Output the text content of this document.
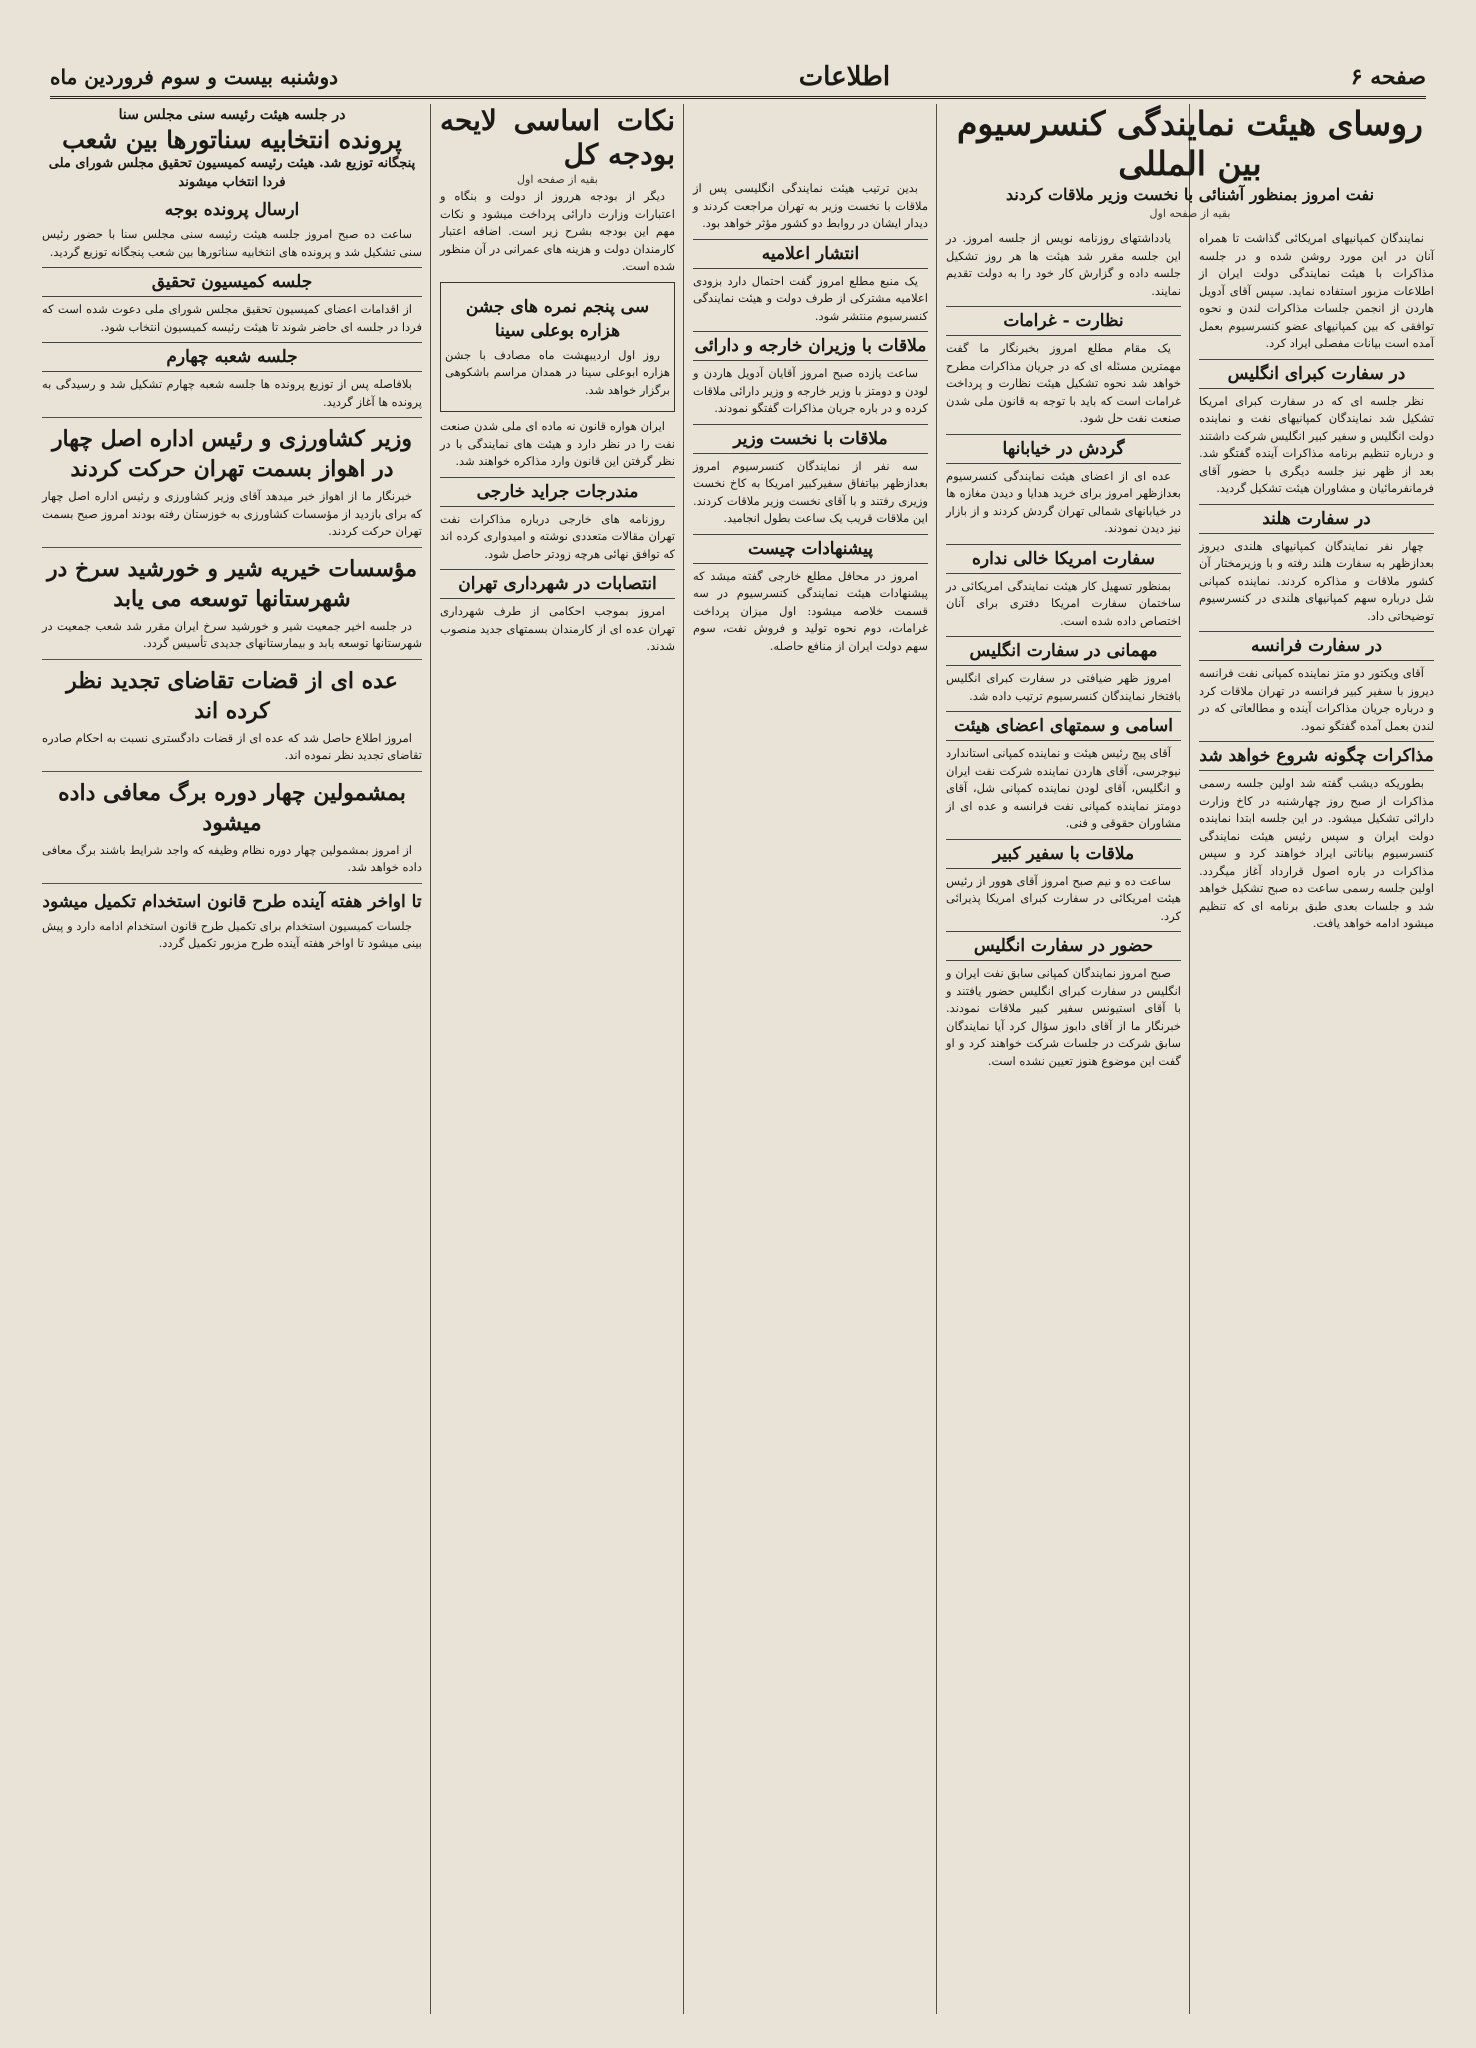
صفحه ۶
اطلاعات
دوشنبه بیست و سوم فروردین ماه
روسای هیئت نمایندگی کنسرسیوم بین المللی
نفت امروز بمنظور آشنائی با نخست وزیر ملاقات کردند

بقیه از صفحه اول

نمایندگان کمپانیهای امریکائی گذاشت تا همراه آنان در این مورد روشن شده و در جلسه مذاکرات با هیئت نمایندگی دولت ایران از اطلاعات مزبور استفاده نماید. سپس آقای آدویل هاردن از انجمن جلسات مذاکرات لندن و نحوه توافقی که بین کمپانیهای عضو کنسرسیوم بعمل آمده است بیانات مفصلی ایراد کرد.

در سفارت کبرای انگلیس

نظر جلسه ای که در سفارت کبرای امریکا تشکیل شد نمایندگان کمپانیهای نفت و نماینده دولت انگلیس و سفیر کبیر انگلیس شرکت داشتند و درباره تنظیم برنامه مذاکرات آینده گفتگو شد. بعد از ظهر نیز جلسه دیگری با حضور آقای فرمانفرمائیان و مشاوران هیئت تشکیل گردید.

در سفارت هلند

چهار نفر نمایندگان کمپانیهای هلندی دیروز بعدازظهر به سفارت هلند رفته و با وزیرمختار آن کشور ملاقات و مذاکره کردند. نماینده کمپانی شل درباره سهم کمپانیهای هلندی در کنسرسیوم توضیحاتی داد.

در سفارت فرانسه

آقای ویکتور دو متز نماینده کمپانی نفت فرانسه دیروز با سفیر کبیر فرانسه در تهران ملاقات کرد و درباره جریان مذاکرات آینده و مطالعاتی که در لندن بعمل آمده گفتگو نمود.

مذاکرات چگونه شروع خواهد شد

بطوریکه دیشب گفته شد اولین جلسه رسمی مذاکرات از صبح روز چهارشنبه در کاخ وزارت دارائی تشکیل میشود. در این جلسه ابتدا نماینده دولت ایران و سپس رئیس هیئت نمایندگی کنسرسیوم بیاناتی ایراد خواهند کرد و سپس مذاکرات در باره اصول قرارداد آغاز میگردد. اولین جلسه رسمی ساعت ده صبح تشکیل خواهد شد و جلسات بعدی طبق برنامه ای که تنظیم میشود ادامه خواهد یافت.

یادداشتهای روزنامه نویس از جلسه امروز. در این جلسه مقرر شد هیئت ها هر روز تشکیل جلسه داده و گزارش کار خود را به دولت تقدیم نمایند.

نظارت - غرامات

یک مقام مطلع امروز بخبرنگار ما گفت مهمترین مسئله ای که در جریان مذاکرات مطرح خواهد شد نحوه تشکیل هیئت نظارت و پرداخت غرامات است که باید با توجه به قانون ملی شدن صنعت نفت حل شود.

گردش در خیابانها

عده ای از اعضای هیئت نمایندگی کنسرسیوم بعدازظهر امروز برای خرید هدایا و دیدن مغازه ها در خیابانهای شمالی تهران گردش کردند و از بازار نیز دیدن نمودند.

سفارت امریکا خالی نداره

بمنظور تسهیل کار هیئت نمایندگی امریکائی در ساختمان سفارت امریکا دفتری برای آنان اختصاص داده شده است.

مهمانی در سفارت انگلیس

امروز ظهر ضیافتی در سفارت کبرای انگلیس بافتخار نمایندگان کنسرسیوم ترتیب داده شد.

اسامی و سمتهای اعضای هیئت

آقای پیج رئیس هیئت و نماینده کمپانی استاندارد نیوجرسی، آقای هاردن نماینده شرکت نفت ایران و انگلیس، آقای لودن نماینده کمپانی شل، آقای دومتز نماینده کمپانی نفت فرانسه و عده ای از مشاوران حقوقی و فنی.

ملاقات با سفیر کبیر

ساعت ده و نیم صبح امروز آقای هوور از رئیس هیئت امریکائی در سفارت کبرای امریکا پذیرائی کرد.

حضور در سفارت انگلیس

صبح امروز نمایندگان کمپانی سابق نفت ایران و انگلیس در سفارت کبرای انگلیس حضور یافتند و با آقای استیونس سفیر کبیر ملاقات نمودند. خبرنگار ما از آقای دابوز سؤال کرد آیا نمایندگان سابق شرکت در جلسات شرکت خواهند کرد و او گفت این موضوع هنوز تعیین نشده است.

بدین ترتیب هیئت نمایندگی انگلیسی پس از ملاقات با نخست وزیر به تهران مراجعت کردند و دیدار ایشان در روابط دو کشور مؤثر خواهد بود.

انتشار اعلامیه

یک منبع مطلع امروز گفت احتمال دارد بزودی اعلامیه مشترکی از طرف دولت و هیئت نمایندگی کنسرسیوم منتشر شود.

ملاقات با وزیران خارجه و دارائی

ساعت یازده صبح امروز آقایان آدویل هاردن و لودن و دومتز با وزیر خارجه و وزیر دارائی ملاقات کرده و در باره جریان مذاکرات گفتگو نمودند.

ملاقات با نخست وزیر

سه نفر از نمایندگان کنسرسیوم امروز بعدازظهر بیاتفاق سفیرکبیر امریکا به کاخ نخست وزیری رفتند و با آقای نخست وزیر ملاقات کردند. این ملاقات قریب یک ساعت بطول انجامید.

پیشنهادات چیست

امروز در محافل مطلع خارجی گفته میشد که پیشنهادات هیئت نمایندگی کنسرسیوم در سه قسمت خلاصه میشود: اول میزان پرداخت غرامات، دوم نحوه تولید و فروش نفت، سوم سهم دولت ایران از منافع حاصله.

نکات اساسی لایحه بودجه کل

بقیه از صفحه اول

دیگر از بودجه هرروز از دولت و بنگاه و اعتبارات وزارت دارائی پرداخت میشود و نکات مهم این بودجه بشرح زیر است. اضافه اعتبار کارمندان دولت و هزینه های عمرانی در آن منظور شده است.

سی پنجم نمره های جشن هزاره بوعلی سینا

روز اول اردیبهشت ماه مصادف با جشن هزاره ابوعلی سینا در همدان مراسم باشکوهی برگزار خواهد شد.

ایران هواره قانون نه ماده ای ملی شدن صنعت نفت را در نظر دارد و هیئت های نمایندگی با در نظر گرفتن این قانون وارد مذاکره خواهند شد.

مندرجات جراید خارجی

روزنامه های خارجی درباره مذاکرات نفت تهران مقالات متعددی نوشته و امیدواری کرده اند که توافق نهائی هرچه زودتر حاصل شود.

انتصابات در شهرداری تهران

امروز بموجب احکامی از طرف شهرداری تهران عده ای از کارمندان بسمتهای جدید منصوب شدند.

در جلسه هیئت رئیسه سنی مجلس سنا

پرونده انتخابیه سناتورها بین شعب

پنجگانه توزیع شد. هیئت رئیسه کمیسیون تحقیق مجلس شورای ملی فردا انتخاب میشوند

ارسال پرونده بوجه

ساعت ده صبح امروز جلسه هیئت رئیسه سنی مجلس سنا با حضور رئیس سنی تشکیل شد و پرونده های انتخابیه سناتورها بین شعب پنجگانه توزیع گردید.

جلسه کمیسیون تحقیق

از اقدامات اعضای کمیسیون تحقیق مجلس شورای ملی دعوت شده است که فردا در جلسه ای حاضر شوند تا هیئت رئیسه کمیسیون انتخاب شود.

جلسه شعبه چهارم

بلافاصله پس از توزیع پرونده ها جلسه شعبه چهارم تشکیل شد و رسیدگی به پرونده ها آغاز گردید.

وزیر کشاورزی و رئیس اداره اصل چهار در اهواز بسمت تهران حرکت کردند

خبرنگار ما از اهواز خبر میدهد آقای وزیر کشاورزی و رئیس اداره اصل چهار که برای بازدید از مؤسسات کشاورزی به خوزستان رفته بودند امروز صبح بسمت تهران حرکت کردند.

مؤسسات خیریه شیر و خورشید سرخ در شهرستانها توسعه می یابد

در جلسه اخیر جمعیت شیر و خورشید سرخ ایران مقرر شد شعب جمعیت در شهرستانها توسعه یابد و بیمارستانهای جدیدی تأسیس گردد.

عده ای از قضات تقاضای تجدید نظر کرده اند

امروز اطلاع حاصل شد که عده ای از قضات دادگستری نسبت به احکام صادره تقاضای تجدید نظر نموده اند.

بمشمولین چهار دوره برگ معافی داده میشود

از امروز بمشمولین چهار دوره نظام وظیفه که واجد شرایط باشند برگ معافی داده خواهد شد.

تا اواخر هفته آینده طرح قانون استخدام تکمیل میشود

جلسات کمیسیون استخدام برای تکمیل طرح قانون استخدام ادامه دارد و پیش بینی میشود تا اواخر هفته آینده طرح مزبور تکمیل گردد.
